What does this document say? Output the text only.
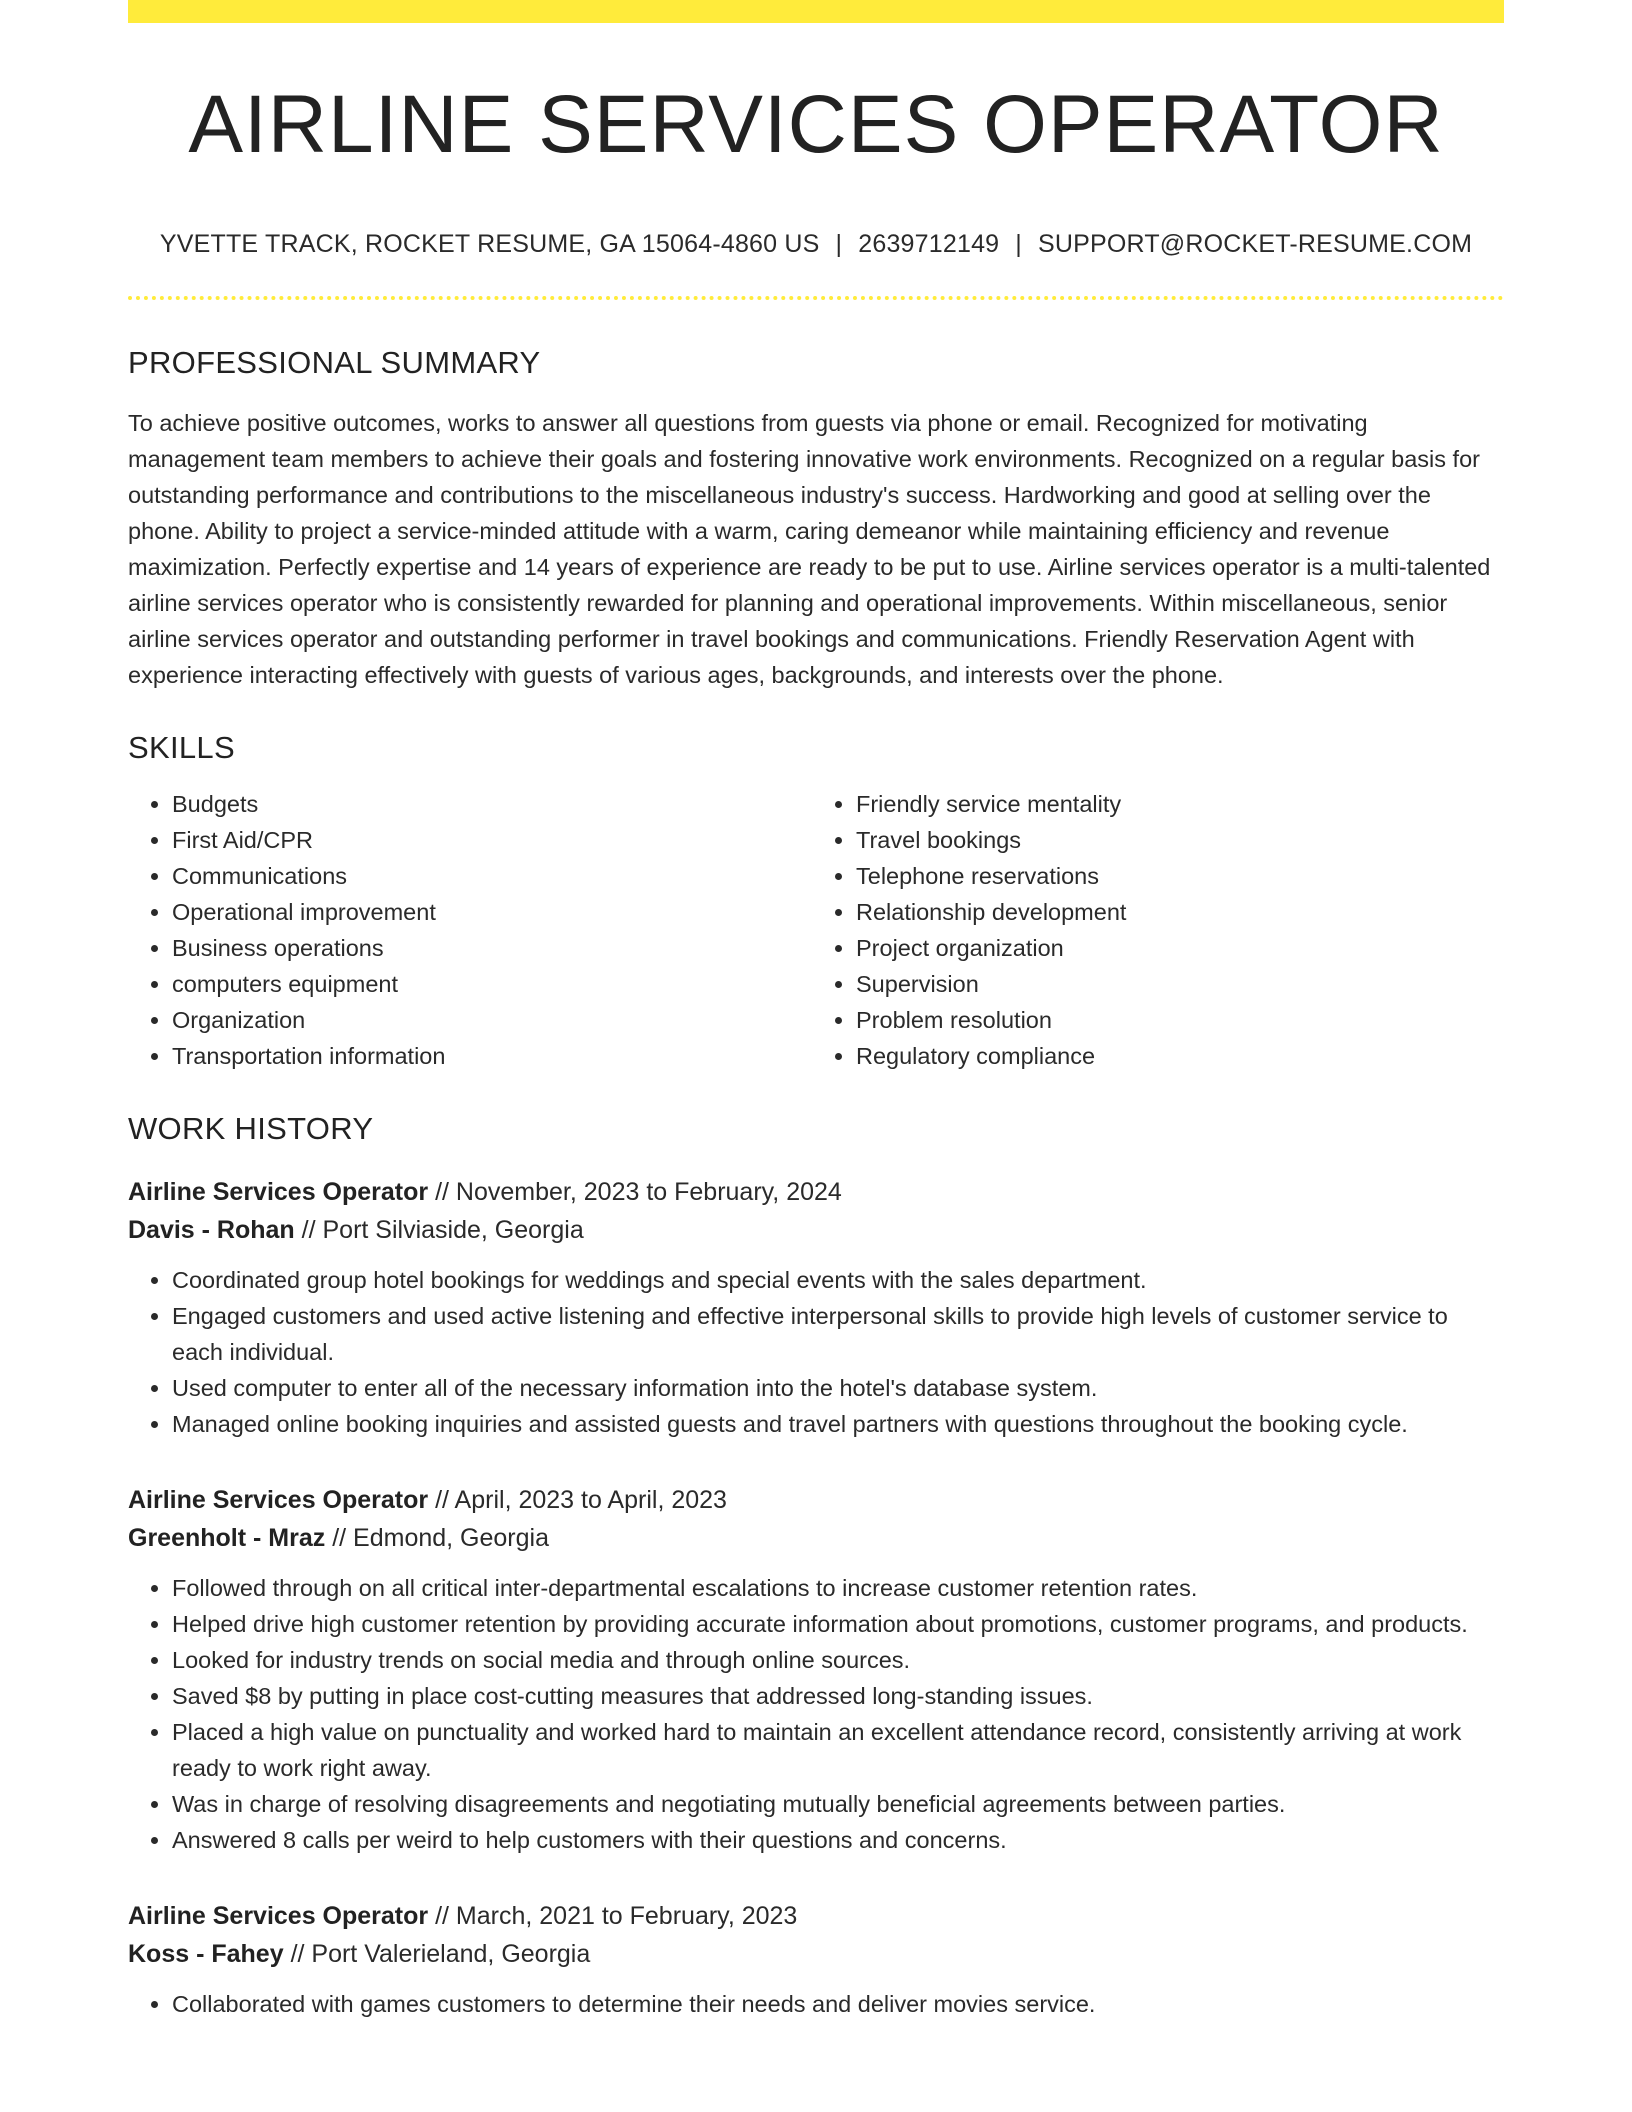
AIRLINE SERVICES OPERATOR
YVETTE TRACK, ROCKET RESUME, GA 15064-4860 US | 2639712149 | SUPPORT@ROCKET-RESUME.COM
PROFESSIONAL SUMMARY

To achieve positive outcomes, works to answer all questions from guests via phone or email. Recognized for motivating management team members to achieve their goals and fostering innovative work environments. Recognized on a regular basis for outstanding performance and contributions to the miscellaneous industry's success. Hardworking and good at selling over the phone. Ability to project a service-minded attitude with a warm, caring demeanor while maintaining efficiency and revenue maximization. Perfectly expertise and 14 years of experience are ready to be put to use. Airline services operator is a multi-talented airline services operator who is consistently rewarded for planning and operational improvements. Within miscellaneous, senior airline services operator and outstanding performer in travel bookings and communications. Friendly Reservation Agent with experience interacting effectively with guests of various ages, backgrounds, and interests over the phone.

SKILLS
• Budgets
• First Aid/CPR
• Communications
• Operational improvement
• Business operations
• computers equipment
• Organization
• Transportation information
• Friendly service mentality
• Travel bookings
• Telephone reservations
• Relationship development
• Project organization
• Supervision
• Problem resolution
• Regulatory compliance
WORK HISTORY
Airline Services Operator // November, 2023 to February, 2024
Davis - Rohan // Port Silviaside, Georgia
• Coordinated group hotel bookings for weddings and special events with the sales department.
• Engaged customers and used active listening and effective interpersonal skills to provide high levels of customer service to each individual.
• Used computer to enter all of the necessary information into the hotel's database system.
• Managed online booking inquiries and assisted guests and travel partners with questions throughout the booking cycle.
Airline Services Operator // April, 2023 to April, 2023
Greenholt - Mraz // Edmond, Georgia
• Followed through on all critical inter-departmental escalations to increase customer retention rates.
• Helped drive high customer retention by providing accurate information about promotions, customer programs, and products.
• Looked for industry trends on social media and through online sources.
• Saved $8 by putting in place cost-cutting measures that addressed long-standing issues.
• Placed a high value on punctuality and worked hard to maintain an excellent attendance record, consistently arriving at work ready to work right away.
• Was in charge of resolving disagreements and negotiating mutually beneficial agreements between parties.
• Answered 8 calls per weird to help customers with their questions and concerns.
Airline Services Operator // March, 2021 to February, 2023
Koss - Fahey // Port Valerieland, Georgia
• Collaborated with games customers to determine their needs and deliver movies service.
